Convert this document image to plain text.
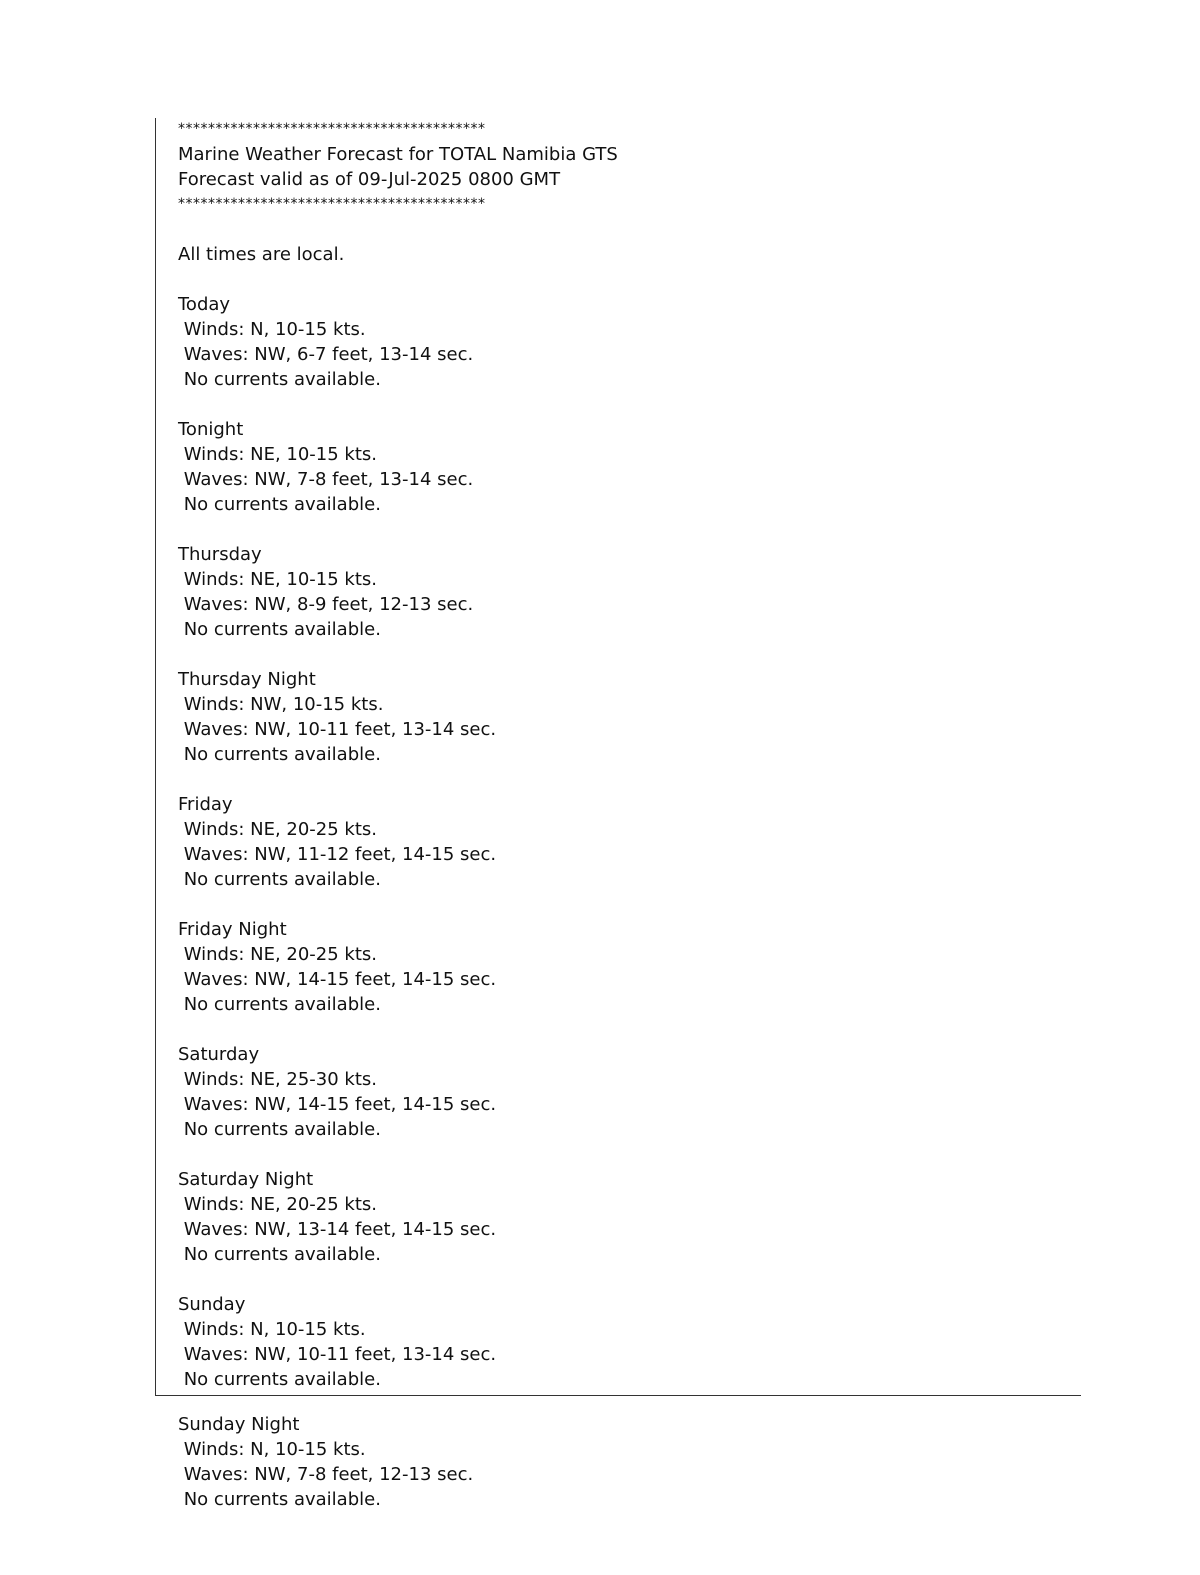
*****************************************
Marine Weather Forecast for TOTAL Namibia GTS
Forecast valid as of 09-Jul-2025 0800 GMT
*****************************************
All times are local.
Today
Winds: N, 10-15 kts.
Waves: NW, 6-7 feet, 13-14 sec.
No currents available.
Tonight
Winds: NE, 10-15 kts.
Waves: NW, 7-8 feet, 13-14 sec.
No currents available.
Thursday
Winds: NE, 10-15 kts.
Waves: NW, 8-9 feet, 12-13 sec.
No currents available.
Thursday Night
Winds: NW, 10-15 kts.
Waves: NW, 10-11 feet, 13-14 sec.
No currents available.
Friday
Winds: NE, 20-25 kts.
Waves: NW, 11-12 feet, 14-15 sec.
No currents available.
Friday Night
Winds: NE, 20-25 kts.
Waves: NW, 14-15 feet, 14-15 sec.
No currents available.
Saturday
Winds: NE, 25-30 kts.
Waves: NW, 14-15 feet, 14-15 sec.
No currents available.
Saturday Night
Winds: NE, 20-25 kts.
Waves: NW, 13-14 feet, 14-15 sec.
No currents available.
Sunday
Winds: N, 10-15 kts.
Waves: NW, 10-11 feet, 13-14 sec.
No currents available.
Sunday Night
Winds: N, 10-15 kts.
Waves: NW, 7-8 feet, 12-13 sec.
No currents available.
